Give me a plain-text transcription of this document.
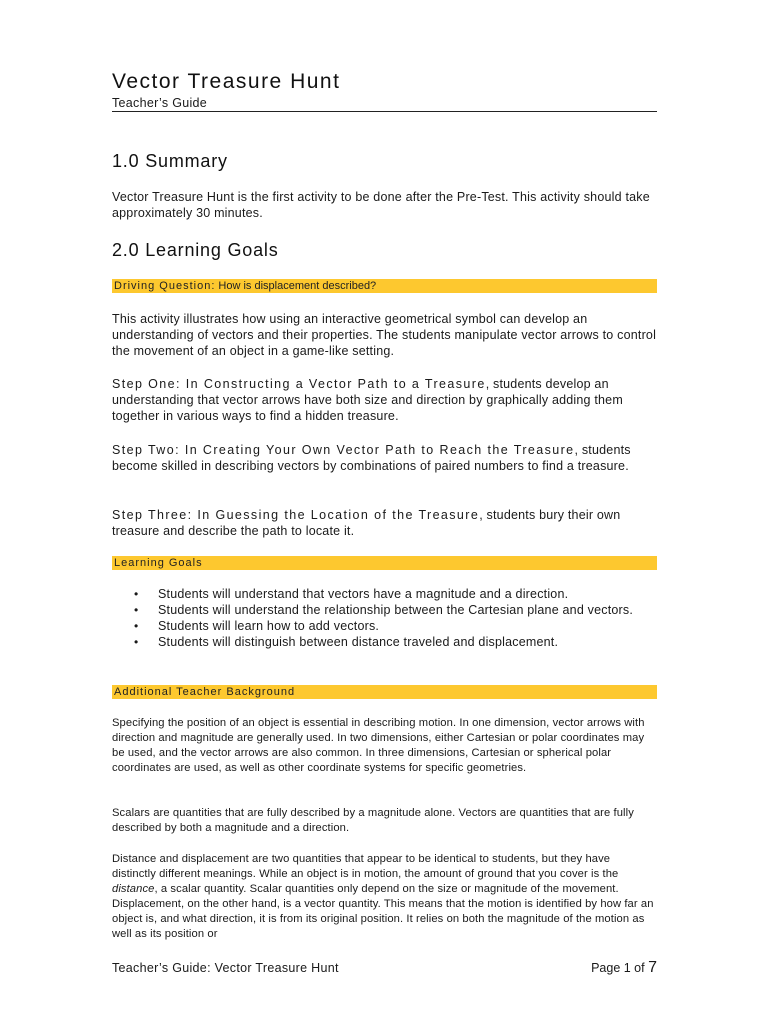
Vector Treasure Hunt
Teacher’s Guide
1.0 Summary

Vector Treasure Hunt is the first activity to be done after the Pre-Test. This activity should take approximately 30 minutes.

2.0 Learning Goals
Driving Question: How is displacement described?

This activity illustrates how using an interactive geometrical symbol can develop an understanding of vectors and their properties. The students manipulate vector arrows to control the movement of an object in a game-like setting.

Step One: In Constructing a Vector Path to a Treasure, students develop an understanding that vector arrows have both size and direction by graphically adding them together in various ways to find a hidden treasure.

Step Two: In Creating Your Own Vector Path to Reach the Treasure, students become skilled in describing vectors by combinations of paired numbers to find a treasure.

Step Three: In Guessing the Location of the Treasure, students bury their own treasure and describe the path to locate it.

Learning Goals
• Students will understand that vectors have a magnitude and a direction.
• Students will understand the relationship between the Cartesian plane and vectors.
• Students will learn how to add vectors.
• Students will distinguish between distance traveled and displacement.
Additional Teacher Background

Specifying the position of an object is essential in describing motion. In one dimension, vector arrows with direction and magnitude are generally used. In two dimensions, either Cartesian or polar coordinates may be used, and the vector arrows are also common. In three dimensions, Cartesian or spherical polar coordinates are used, as well as other coordinate systems for specific geometries.

Scalars are quantities that are fully described by a magnitude alone. Vectors are quantities that are fully described by both a magnitude and a direction.

Distance and displacement are two quantities that appear to be identical to students, but they have distinctly different meanings. While an object is in motion, the amount of ground that you cover is the distance, a scalar quantity. Scalar quantities only depend on the size or magnitude of the movement. Displacement, on the other hand, is a vector quantity. This means that the motion is identified by how far an object is, and what direction, it is from its original position. It relies on both the magnitude of the motion as well as its position or

Teacher’s Guide: Vector Treasure Hunt	Page 1 of 7
